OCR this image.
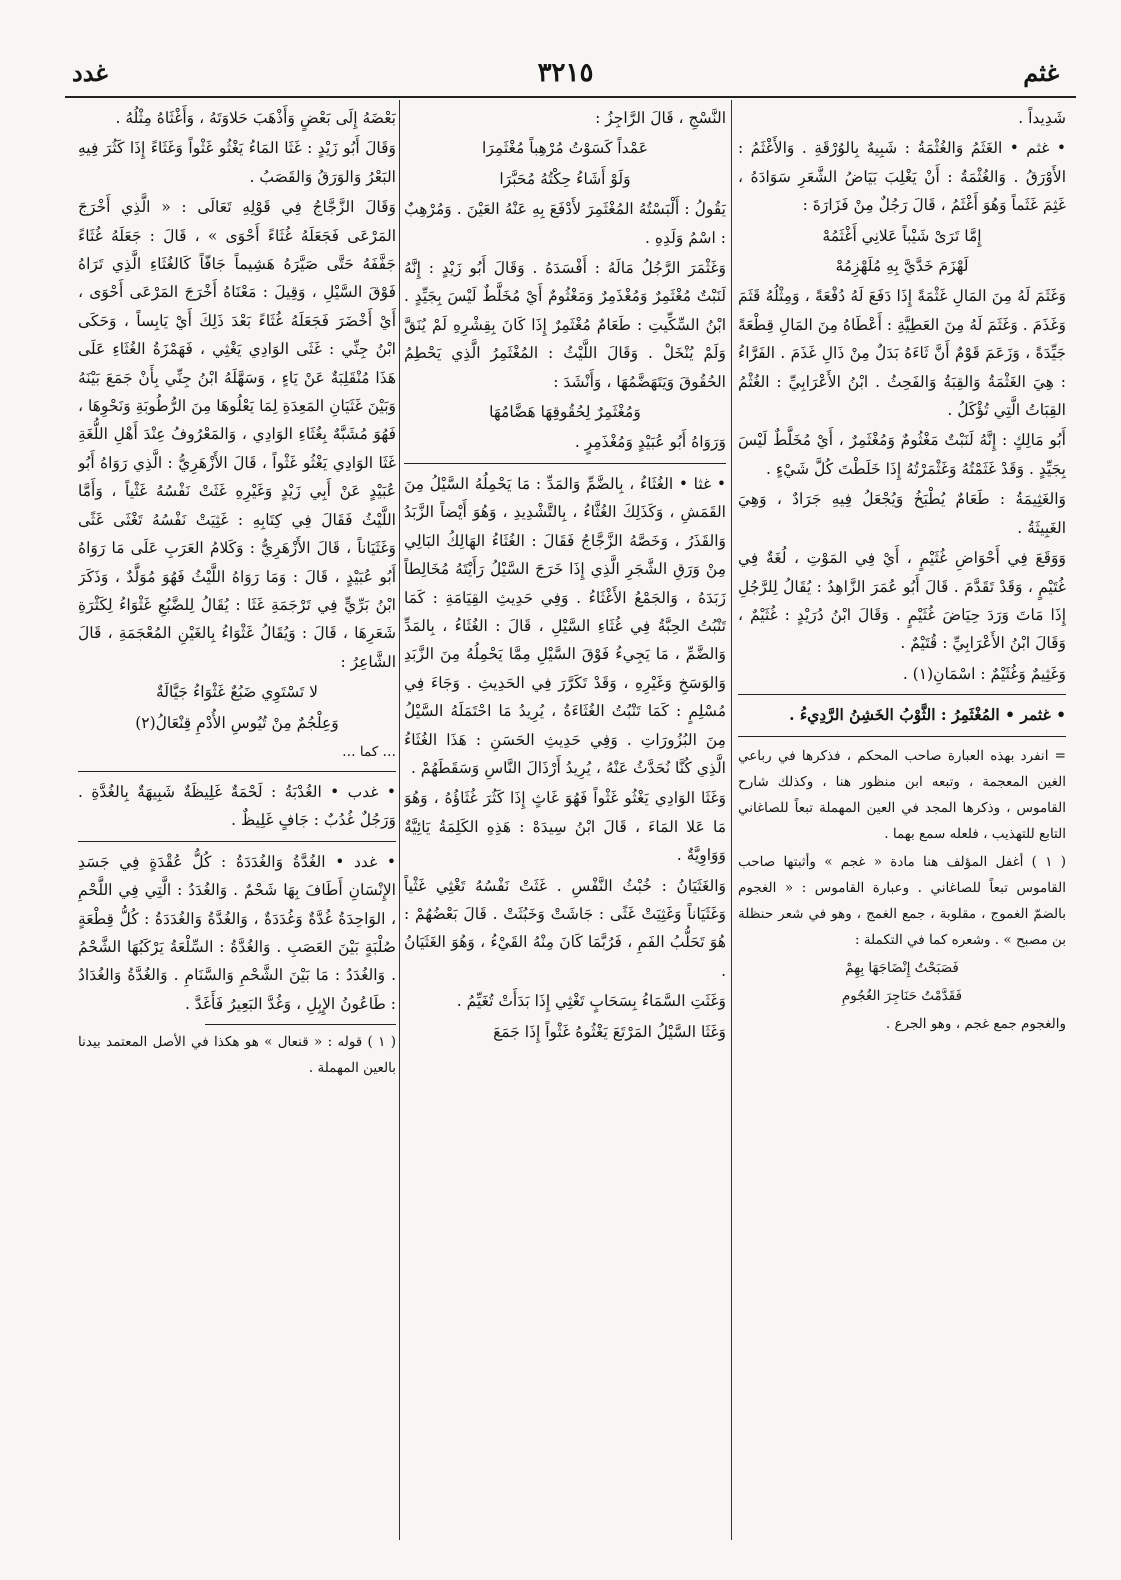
غدد	٣٢١٥	غثم

شَدِيداً .

• غثم • الغَثَمُ وَالغُثْمَةُ : شَبِيهٌ بِالوُرْقَةِ . وَالأَغْثَمُ : الأَوْرَقُ . وَالغُثْمَةُ : أَنْ يَغْلِبَ بَيَاضُ الشَّعَرِ سَوَادَهُ ، غَثِمَ غَثَماً وَهُوَ أَغْثَمُ ، قَالَ رَجُلٌ مِنْ فَزَارَةَ :

إِمَّا تَرَىْ شَيْباً عَلانِي أَغْثَمُهْ

لَهْزَمَ خَدَّيَّ بِهِ مُلَهْزِمُهْ

وَغَثَمَ لَهُ مِنَ المَالِ غَثْمَةً إِذَا دَفَعَ لَهُ دُفْعَةً ، وَمِثْلُهُ قَثَمَ وَغَذَمَ . وَغَثَمَ لَهُ مِنَ العَطِيَّةِ : أَعْطَاهُ مِنَ المَالِ قِطْعَةً جَيِّدَةً ، وَزَعَمَ قَوْمٌ أَنَّ ثَاءَهُ بَدَلٌ مِنْ ذَالِ غَذَمَ . الفَرَّاءُ : هِيَ الغَثْمَةُ وَالقِبَةُ وَالفَحِثُ . ابْنُ الأَعْرَابِيِّ : الغُثْمُ القِبَاتُ الَّتِي تُؤْكَلُ .

أَبُو مَالِكٍ : إِنَّهُ لَنَبْتٌ مَغْثُومٌ وَمُغْثَمِرٌ ، أَيْ مُخَلَّطٌ لَيْسَ بِجَيِّدٍ . وَقَدْ غَثَمْتُهُ وَغَثْمَرْتُهُ إِذَا خَلَطْتَ كُلَّ شَيْءٍ .

وَالغَثِيمَةُ : طَعَامٌ يُطْبَخُ وَيُجْعَلُ فِيهِ جَرَادٌ ، وَهِيَ الغَبِيثَةُ .

وَوَقَعَ فِي أَحْوَاضِ غُثَيْمٍ ، أَيْ فِي المَوْتِ ، لُغَةٌ فِي غُتَيْمٍ ، وَقَدْ تَقَدَّمَ . قَالَ أَبُو عُمَرَ الزَّاهِدُ : يُقَالُ لِلرَّجُلِ إِذَا مَاتَ وَرَدَ حِيَاضَ غُثَيْمٍ . وَقَالَ ابْنُ دُرَيْدٍ : غُثَيْمٌ ، وَقَالَ ابْنُ الأَعْرَابِيِّ : قُتَيْمٌ .

وَغَثِيمٌ وَغُثَيْمٌ : اسْمَانِ(١) .

• غثمر • المُغْثَمِرُ : الثَّوْبُ الخَشِنُ الرَّدِيءُ .

= انفرد بهذه العبارة صاحب المحكم ، فذكرها في رباعي الغين المعجمة ، وتبعه ابن منظور هنا ، وكذلك شارح القاموس ، وذكرها المجد في العين المهملة تبعاً للصاغاني التابع للتهذيب ، فلعله سمع بهما .

( ١ ) أغفل المؤلف هنا مادة « غجم » وأثبتها صاحب القاموس تبعاً للصاغاني . وعبارة القاموس : « الغجوم بالضمّ الغموج ، مقلوبة ، جمع الغمج ، وهو في شعر حنظلة بن مصبح » . وشعره كما في التكملة :

فَصَبَحْتُ إِنْضَاجَهَا بِهِمْ

فَقَدَّمْتُ حَنَاجِرَ الغُجُومِ

والغجوم جمع غجم ، وهو الجرع .

النَّسْجِ ، قَالَ الرَّاجِزُ :

عَمْداً كَسَوْتُ مُرْهِباً مُغْثَمِرَا

وَلَوْ أَشَاءُ حِكْتُهُ مُحَبَّرَا

يَقُولُ : أَلْبَسْتُهُ المُغْثَمِرَ لأَدْفَعَ بِهِ عَنْهُ العَيْنَ . وَمُرْهِبٌ : اسْمُ وَلَدِهِ .

وَغَثْمَرَ الرَّجُلُ مَالَهُ : أَفْسَدَهُ . وَقَالَ أَبُو زَيْدٍ : إِنَّهُ لَنَبْتٌ مُغْثَمِرٌ وَمُغْذَمِرٌ وَمَغْثُومٌ أَيْ مُخَلَّطٌ لَيْسَ بِجَيِّدٍ . ابْنُ السِّكِّيتِ : طَعَامٌ مُغْثَمِرٌ إِذَا كَانَ بِقِشْرِهِ لَمْ يُنَقَّ وَلَمْ يُنْخَلْ . وَقَالَ اللَّيْثُ : المُغْثَمِرُ الَّذِي يَحْطِمُ الحُقُوقَ وَيَتَهَضَّمُهَا ، وَأَنْشَدَ :

وَمُغْثَمِرٌ لِحُقُوقِهَا هَضَّامُهَا

وَرَوَاهُ أَبُو عُبَيْدٍ وَمُغْذَمِرٍ .

• غثا • الغُثَاءُ ، بِالضَّمِّ وَالمَدِّ : مَا يَحْمِلُهُ السَّيْلُ مِنَ القَمَشِ ، وَكَذَلِكَ الغُثَّاءُ ، بِالتَّشْدِيدِ ، وَهُوَ أَيْضاً الزَّبَدُ وَالقَذَرُ ، وَخَصَّهُ الزَّجَّاجُ فَقَالَ : الغُثَاءُ الهَالِكُ البَالِي مِنْ وَرَقِ الشَّجَرِ الَّذِي إِذَا خَرَجَ السَّيْلُ رَأَيْتَهُ مُخَالِطاً زَبَدَهُ ، وَالجَمْعُ الأَغْثَاءُ . وَفِي حَدِيثِ القِيَامَةِ : كَمَا تَنْبُتُ الحِبَّةُ فِي غُثَاءِ السَّيْلِ ، قَالَ : الغُثَاءُ ، بِالمَدِّ وَالضَّمِّ ، مَا يَجِيءُ فَوْقَ السَّيْلِ مِمَّا يَحْمِلُهُ مِنَ الزَّبَدِ وَالوَسَخِ وَغَيْرِهِ ، وَقَدْ تَكَرَّرَ فِي الحَدِيثِ . وَجَاءَ فِي مُسْلِمٍ : كَمَا تَنْبُتُ الغُثَاءَةُ ، يُرِيدُ مَا احْتَمَلَهُ السَّيْلُ مِنَ البُزُورَاتِ . وَفِي حَدِيثِ الحَسَنِ : هَذَا الغُثَاءُ الَّذِي كُنَّا نُحَدَّثُ عَنْهُ ، يُرِيدُ أَرْذَالَ النَّاسِ وَسَقَطَهُمْ .

وَغَثَا الوَادِي يَغْثُو غَثْواً فَهُوَ غَاثٍ إِذَا كَثُرَ غُثَاؤُهُ ، وَهُوَ مَا عَلا المَاءَ ، قَالَ ابْنُ سِيدَهْ : هَذِهِ الكَلِمَةُ يَائِيَّةٌ وَوَاوِيَّةٌ .

وَالغَثَيَانُ : خُبْثُ النَّفْسِ . غَثَتْ نَفْسُهُ تَغْثِي غَثْياً وَغَثَيَاناً وَغَثِيَتْ غَثًى : جَاشَتْ وَخَبُثَتْ . قَالَ بَعْضُهُمْ : هُوَ تَحَلُّبُ الفَمِ ، فَرُبَّمَا كَانَ مِنْهُ القَيْءُ ، وَهُوَ الغَثَيَانُ .

وَغَثَتِ السَّمَاءُ بِسَحَابٍ تَغْثِي إِذَا بَدَأَتْ تُغَيِّمُ .

وَغَثَا السَّيْلُ المَرْتَعَ يَغْثُوهُ غَثْواً إِذَا جَمَعَ

بَعْضَهُ إِلَى بَعْضٍ وَأَذْهَبَ حَلاوَتَهُ ، وَأَغْثَاهُ مِثْلُهُ .

وَقَالَ أَبُو زَيْدٍ : غَثَا المَاءُ يَغْثُو غَثْواً وَغَثَاءً إِذَا كَثُرَ فِيهِ البَعْرُ وَالوَرَقُ وَالقَصَبُ .

وَقَالَ الزَّجَّاجُ فِي قَوْلِهِ تَعَالَى : « الَّذِي أَخْرَجَ المَرْعَى فَجَعَلَهُ غُثَاءً أَحْوَى » ، قَالَ : جَعَلَهُ غُثَاءً جَفَّفَهُ حَتَّى صَيَّرَهُ هَشِيماً جَافّاً كَالغُثَاءِ الَّذِي تَرَاهُ فَوْقَ السَّيْلِ ، وَقِيلَ : مَعْنَاهُ أَخْرَجَ المَرْعَى أَحْوَى ، أَيْ أَخْضَرَ فَجَعَلَهُ غُثَاءً بَعْدَ ذَلِكَ أَيْ يَابِساً ، وَحَكَى ابْنُ جِنِّي : غَثَى الوَادِي يَغْثِي ، فَهَمْزَةُ الغُثَاءِ عَلَى هَذَا مُنْقَلِبَةٌ عَنْ يَاءٍ ، وَسَهَّلَهُ ابْنُ جِنِّي بِأَنْ جَمَعَ بَيْنَهُ وَبَيْنَ غَثَيَانِ المَعِدَةِ لِمَا يَعْلُوهَا مِنَ الرُّطُوبَةِ وَنَحْوِهَا ، فَهُوَ مُشَبَّهٌ بِغُثَاءِ الوَادِي ، وَالمَعْرُوفُ عِنْدَ أَهْلِ اللُّغَةِ غَثَا الوَادِي يَغْثُو غَثْواً ، قَالَ الأَزْهَرِيُّ : الَّذِي رَوَاهُ أَبُو عُبَيْدٍ عَنْ أَبِي زَيْدٍ وَغَيْرِهِ غَثَتْ نَفْسُهُ غَثْياً ، وَأَمَّا اللَّيْثُ فَقَالَ فِي كِتَابِهِ : غَثِيَتْ نَفْسُهُ تَغْثَى غَثًى وَغَثَيَاناً ، قَالَ الأَزْهَرِيُّ : وَكَلامُ العَرَبِ عَلَى مَا رَوَاهُ أَبُو عُبَيْدٍ ، قَالَ : وَمَا رَوَاهُ اللَّيْثُ فَهُوَ مُوَلَّدٌ ، وَذَكَرَ ابْنُ بَرِّيٍّ فِي تَرْجَمَةِ غَثَا : يُقَالُ لِلضَّبُعِ غَثْوَاءُ لِكَثْرَةِ شَعَرِهَا ، قَالَ : وَيُقَالُ غَثْوَاءُ بِالغَيْنِ المُعْجَمَةِ ، قَالَ الشَّاعِرُ :

لا تَسْتَوِي ضَبُعٌ غَثْوَاءُ جَيَّالَةٌ

وَعِلْجُمٌ مِنْ تُيُوسِ الأُدْمِ قِنْعَالُ(٢)

… كما …

• غدب • الغُدْبَةُ : لَحْمَةٌ غَلِيظَةٌ شَبِيهَةٌ بِالغُدَّةِ . وَرَجُلٌ غُدُبٌ : جَافٍ غَلِيظٌ .

• غدد • الغُدَّةُ وَالغُدَدَةُ : كُلُّ عُقْدَةٍ فِي جَسَدِ الإِنْسَانِ أَطَافَ بِهَا شَحْمٌ . وَالغُدَدُ : الَّتِي فِي اللَّحْمِ ، الوَاحِدَةُ غُدَّةٌ وَغُدَدَةٌ ، وَالغُدَّةُ وَالغُدَدَةُ : كُلُّ قِطْعَةٍ صُلْبَةٍ بَيْنَ العَصَبِ . وَالغُدَّةُ : السِّلْعَةُ يَرْكَبُهَا الشَّحْمُ . وَالغُدَدُ : مَا بَيْنَ الشَّحْمِ وَالسَّنَامِ . وَالغُدَّةُ وَالغُدَادُ : طَاعُونُ الإِبِلِ ، وَغُدَّ البَعِيرُ فَأَغَدَّ .

( ١ ) قوله : « قنعال » هو هكذا في الأصل المعتمد بيدنا بالعين المهملة .
